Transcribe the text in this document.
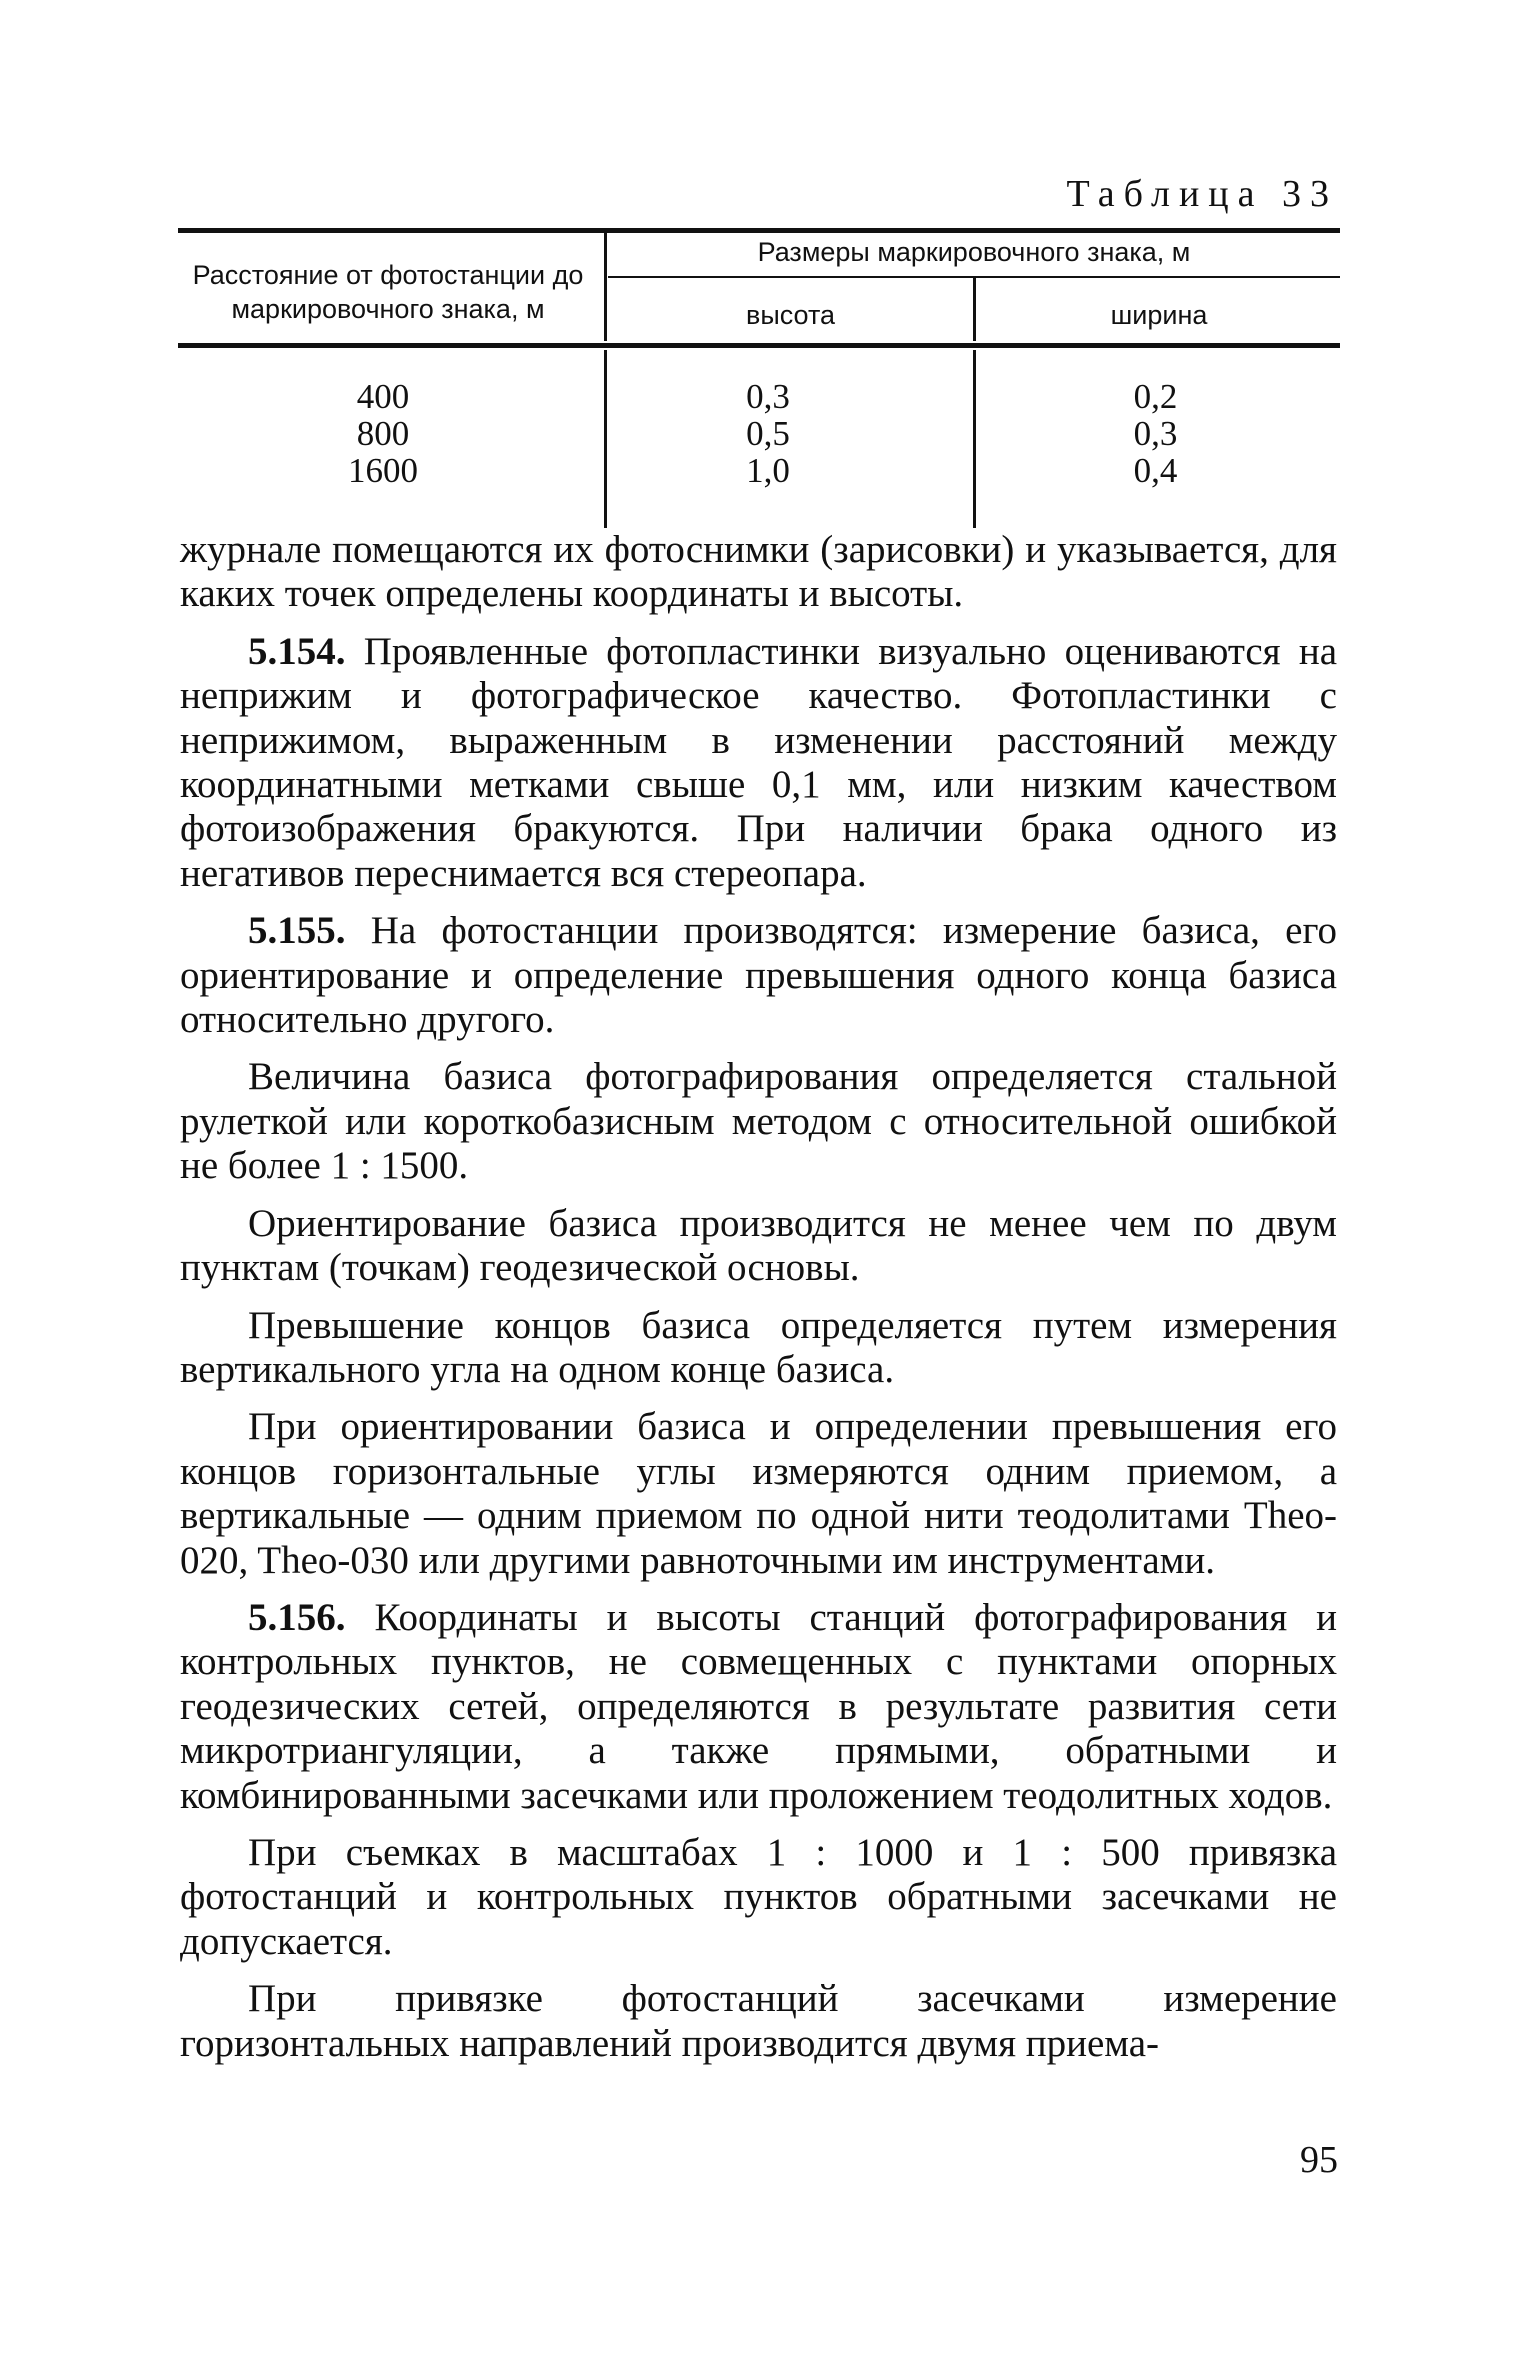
Таблица 33
Расстояние от фотостанции до маркировочного знака, м
Размеры маркировочного знака, м
высота	ширина
400
800
1600
0,3
0,5
1,0
0,2
0,3
0,4

журнале помещаются их фотоснимки (зарисовки) и указывается, для каких точек определены координаты и высоты.

5.154. Проявленные фотопластинки визуально оцениваются на неприжим и фотографическое качество. Фотопластинки с неприжимом, выраженным в изменении расстояний между координатными метками свыше 0,1 мм, или низким качеством фотоизображения бракуются. При наличии брака одного из негативов переснимается вся стереопара.

5.155. На фотостанции производятся: измерение базиса, его ориентирование и определение превышения одного конца базиса относительно другого.

Величина базиса фотографирования определяется стальной рулеткой или короткобазисным методом с относительной ошибкой не более 1 : 1500.

Ориентирование базиса производится не менее чем по двум пунктам (точкам) геодезической основы.

Превышение концов базиса определяется путем измерения вертикального угла на одном конце базиса.

При ориентировании базиса и определении превышения его концов горизонтальные углы измеряются одним приемом, а вертикальные — одним приемом по одной нити теодолитами Theo-020, Theo-030 или другими равноточными им инструментами.

5.156. Координаты и высоты станций фотографирования и контрольных пунктов, не совмещенных с пунктами опорных геодезических сетей, определяются в результате развития сети микротриангуляции, а также прямыми, обратными и комбинированными засечками или проложением теодолитных ходов.

При съемках в масштабах 1 : 1000 и 1 : 500 привязка фотостанций и контрольных пунктов обратными засечками не допускается.

При привязке фотостанций засечками измерение горизонтальных направлений производится двумя приема-

95
